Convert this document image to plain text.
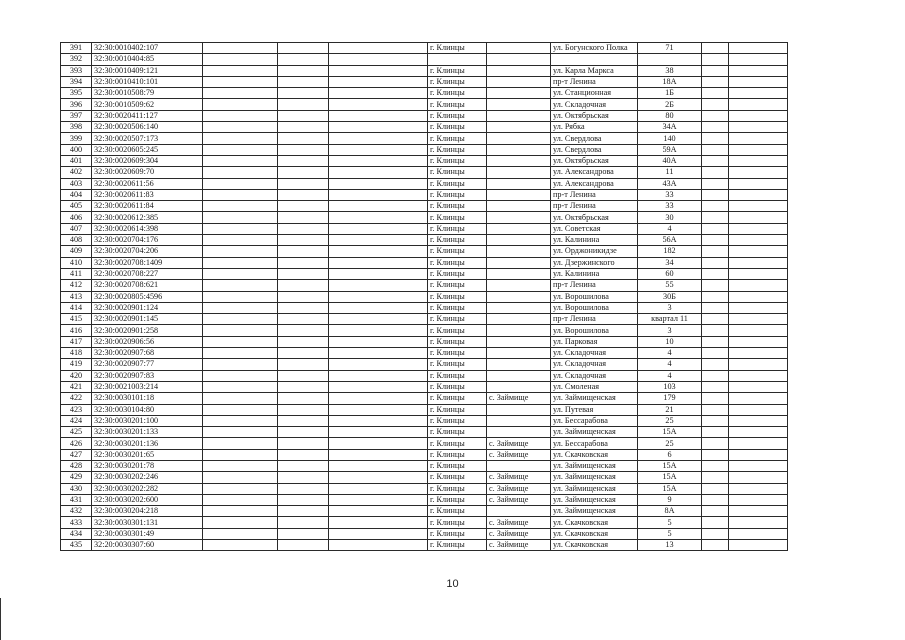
391	32:30:0010402:107				г. Клинцы		ул. Богунского Полка	71		
392	32:30:0010404:85									
393	32:30:0010409:121				г. Клинцы		ул. Карла Маркса	38		
394	32:30:0010410:101				г. Клинцы		пр-т Ленина	18А		
395	32:30:0010508:79				г. Клинцы		ул. Станционная	1Б		
396	32:30:0010509:62				г. Клинцы		ул. Складочная	2Б		
397	32:30:0020411:127				г. Клинцы		ул. Октябрьская	80		
398	32:30:0020506:140				г. Клинцы		ул. Рябка	34А		
399	32:30:0020507:173				г. Клинцы		ул. Свердлова	140		
400	32:30:0020605:245				г. Клинцы		ул. Свердлова	59А		
401	32:30:0020609:304				г. Клинцы		ул. Октябрьская	40А		
402	32:30:0020609:70				г. Клинцы		ул. Александрова	11		
403	32:30:0020611:56				г. Клинцы		ул. Александрова	43А		
404	32:30:0020611:83				г. Клинцы		пр-т Ленина	33		
405	32:30:0020611:84				г. Клинцы		пр-т Ленина	33		
406	32:30:0020612:385				г. Клинцы		ул. Октябрьская	30		
407	32:30:0020614:398				г. Клинцы		ул. Советская	4		
408	32:30:0020704:176				г. Клинцы		ул. Калинина	56А		
409	32:30:0020704:206				г. Клинцы		ул. Орджоникидзе	182		
410	32:30:0020708:1409				г. Клинцы		ул. Дзержинского	34		
411	32:30:0020708:227				г. Клинцы		ул. Калинина	60		
412	32:30:0020708:621				г. Клинцы		пр-т Ленина	55		
413	32:30:0020805:4596				г. Клинцы		ул. Ворошилова	30Б		
414	32:30:0020901:124				г. Клинцы		ул. Ворошилова	3		
415	32:30:0020901:145				г. Клинцы		пр-т Ленина	квартал 11		
416	32:30:0020901:258				г. Клинцы		ул. Ворошилова	3		
417	32:30:0020906:56				г. Клинцы		ул. Парковая	10		
418	32:30:0020907:68				г. Клинцы		ул. Складочная	4		
419	32:30:0020907:77				г. Клинцы		ул. Складочная	4		
420	32:30:0020907:83				г. Клинцы		ул. Складочная	4		
421	32:30:0021003:214				г. Клинцы		ул. Смоленая	103		
422	32:30:0030101:18				г. Клинцы	с. Займище	ул. Займищенская	179		
423	32:30:0030104:80				г. Клинцы		ул. Путевая	21		
424	32:30:0030201:100				г. Клинцы		ул. Бессарабова	25		
425	32:30:0030201:133				г. Клинцы		ул. Займищенская	15А		
426	32:30:0030201:136				г. Клинцы	с. Займище	ул. Бессарабова	25		
427	32:30:0030201:65				г. Клинцы	с. Займище	ул. Скачковская	6		
428	32:30:0030201:78				г. Клинцы		ул. Займищенская	15А		
429	32:30:0030202:246				г. Клинцы	с. Займище	ул. Займищенская	15А		
430	32:30:0030202:282				г. Клинцы	с. Займище	ул. Займищенская	15А		
431	32:30:0030202:600				г. Клинцы	с. Займище	ул. Займищенская	9		
432	32:30:0030204:218				г. Клинцы		ул. Займищенская	8А		
433	32:30:0030301:131				г. Клинцы	с. Займище	ул. Скачковская	5		
434	32:30:0030301:49				г. Клинцы	с. Займище	ул. Скачковская	5		
435	32:20:0030307:60				г. Клинцы	с. Займище	ул. Скачковская	13		
10
